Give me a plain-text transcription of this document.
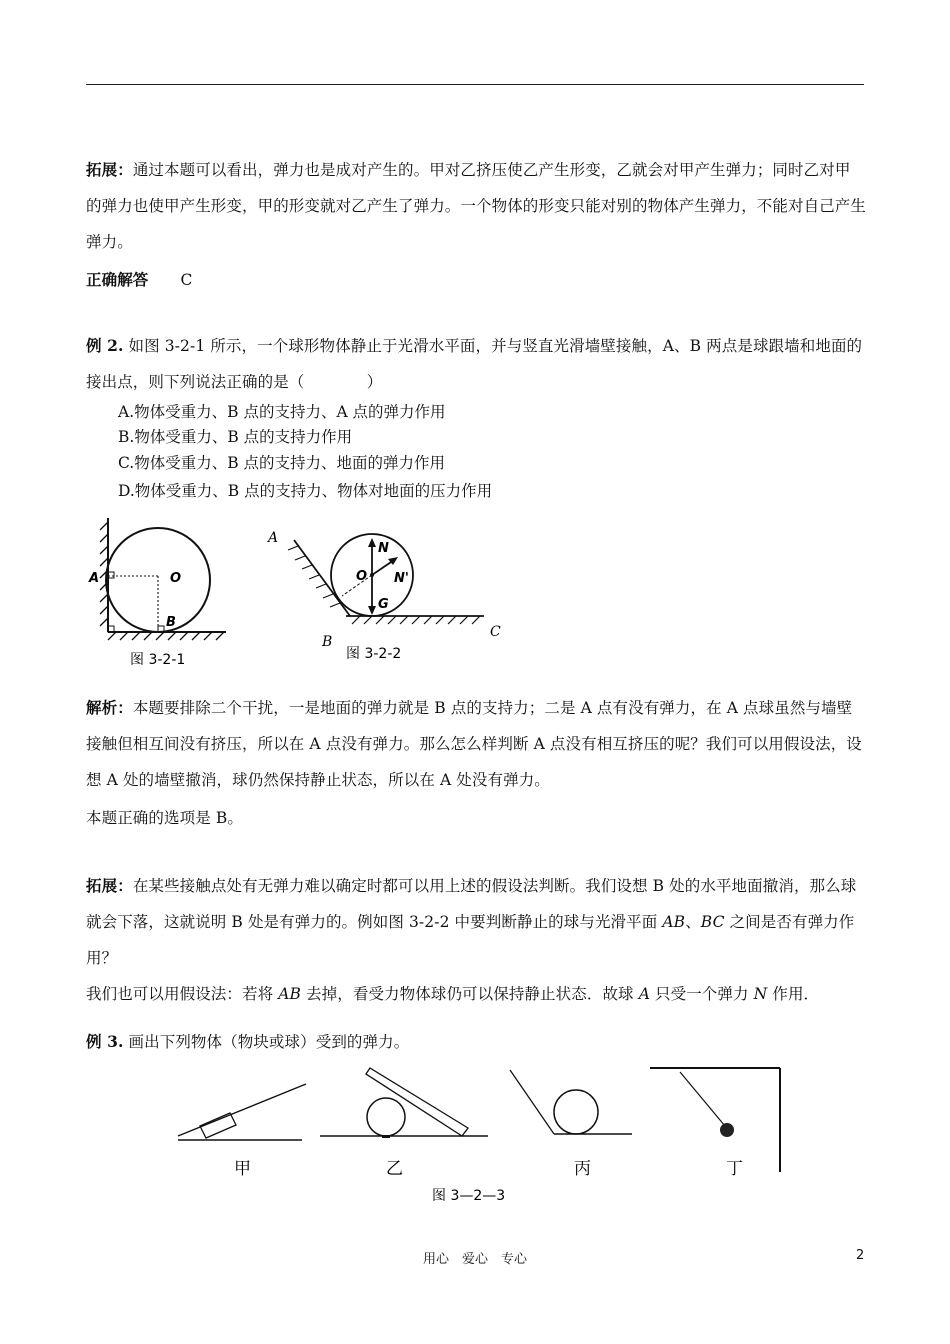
拓展：通过本题可以看出，弹力也是成对产生的。甲对乙挤压使乙产生形变，乙就会对甲产生弹力；同时乙对甲的弹力也使甲产生形变，甲的形变就对乙产生了弹力。一个物体的形变只能对别的物体产生弹力，不能对自己产生弹力。
正确解答 C
例 2. 如图 3-2-1 所示，一个球形物体静止于光滑水平面，并与竖直光滑墙壁接触，A、B 两点是球跟墙和地面的接出点，则下列说法正确的是（　　　　）
A.物体受重力、B 点的支持力、A 点的弹力作用
B.物体受重力、B 点的支持力作用
C.物体受重力、B 点的支持力、地面的弹力作用
D.物体受重力、B 点的支持力、物体对地面的压力作用
A	O
B
图 3-2-1
A
B
C
O
N
N'
G
图 3-2-2
解析：本题要排除二个干扰，一是地面的弹力就是 B 点的支持力；二是 A 点有没有弹力，在 A 点球虽然与墙壁接触但相互间没有挤压，所以在 A 点没有弹力。那么怎么样判断 A 点没有相互挤压的呢？我们可以用假设法，设想 A 处的墙壁撤消，球仍然保持静止状态，所以在 A 处没有弹力。
本题正确的选项是 B。
拓展：在某些接触点处有无弹力难以确定时都可以用上述的假设法判断。我们设想 B 处的水平地面撤消，那么球就会下落，这就说明 B 处是有弹力的。例如图 3-2-2 中要判断静止的球与光滑平面 AB、BC 之间是否有弹力作用？
我们也可以用假设法：若将 AB 去掉，看受力物体球仍可以保持静止状态．故球 A 只受一个弹力 N 作用．
例 3. 画出下列物体（物块或球）受到的弹力。
甲	乙	丙	丁
图 3—2—3
用心　爱心　专心	2
